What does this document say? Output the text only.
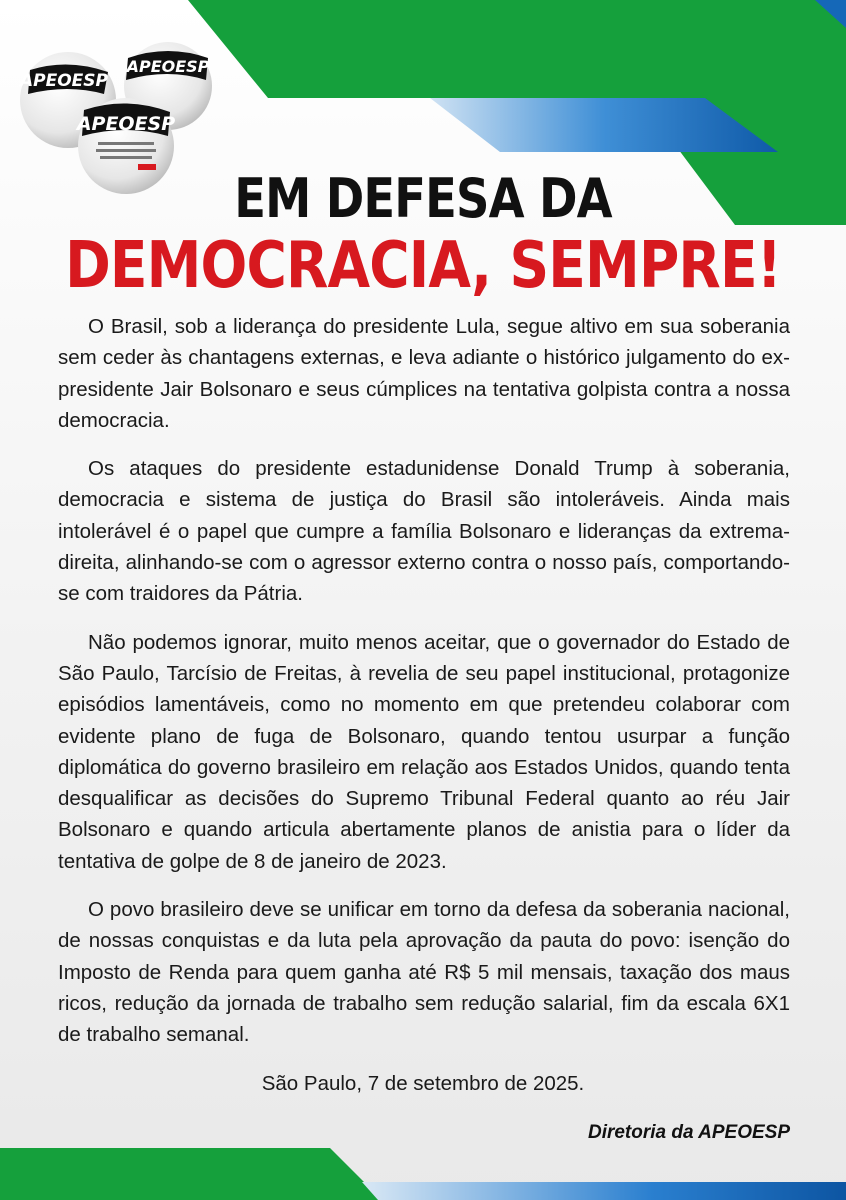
APEOESP
APEOESP
APEOESP
EM DEFESA DA
DEMOCRACIA, SEMPRE!

O Brasil, sob a liderança do presidente Lula, segue altivo em sua soberania sem ceder às chantagens externas, e leva adiante o histórico julgamento do ex-presidente Jair Bolsonaro e seus cúmplices na tentativa golpista contra a nossa democracia.

Os ataques do presidente estadunidense Donald Trump à soberania, democracia e sistema de justiça do Brasil são intoleráveis. Ainda mais intolerável é o papel que cumpre a família Bolsonaro e lideranças da extrema-direita, alinhando-se com o agressor externo contra o nosso país, comportando-se com traidores da Pátria.

Não podemos ignorar, muito menos aceitar, que o governador do Estado de São Paulo, Tarcísio de Freitas, à revelia de seu papel institucional, protagonize episódios lamentáveis, como no momento em que pretendeu colaborar com evidente plano de fuga de Bolsonaro, quando tentou usurpar a função diplomática do governo brasileiro em relação aos Estados Unidos, quando tenta desqualificar as decisões do Supremo Tribunal Federal quanto ao réu Jair Bolsonaro e quando articula abertamente planos de anistia para o líder da tentativa de golpe de 8 de janeiro de 2023.

O povo brasileiro deve se unificar em torno da defesa da soberania nacional, de nossas conquistas e da luta pela aprovação da pauta do povo: isenção do Imposto de Renda para quem ganha até R$ 5 mil mensais, taxação dos maus ricos, redução da jornada de trabalho sem redução salarial, fim da escala 6X1 de trabalho semanal.

São Paulo, 7 de setembro de 2025.
Diretoria da APEOESP
